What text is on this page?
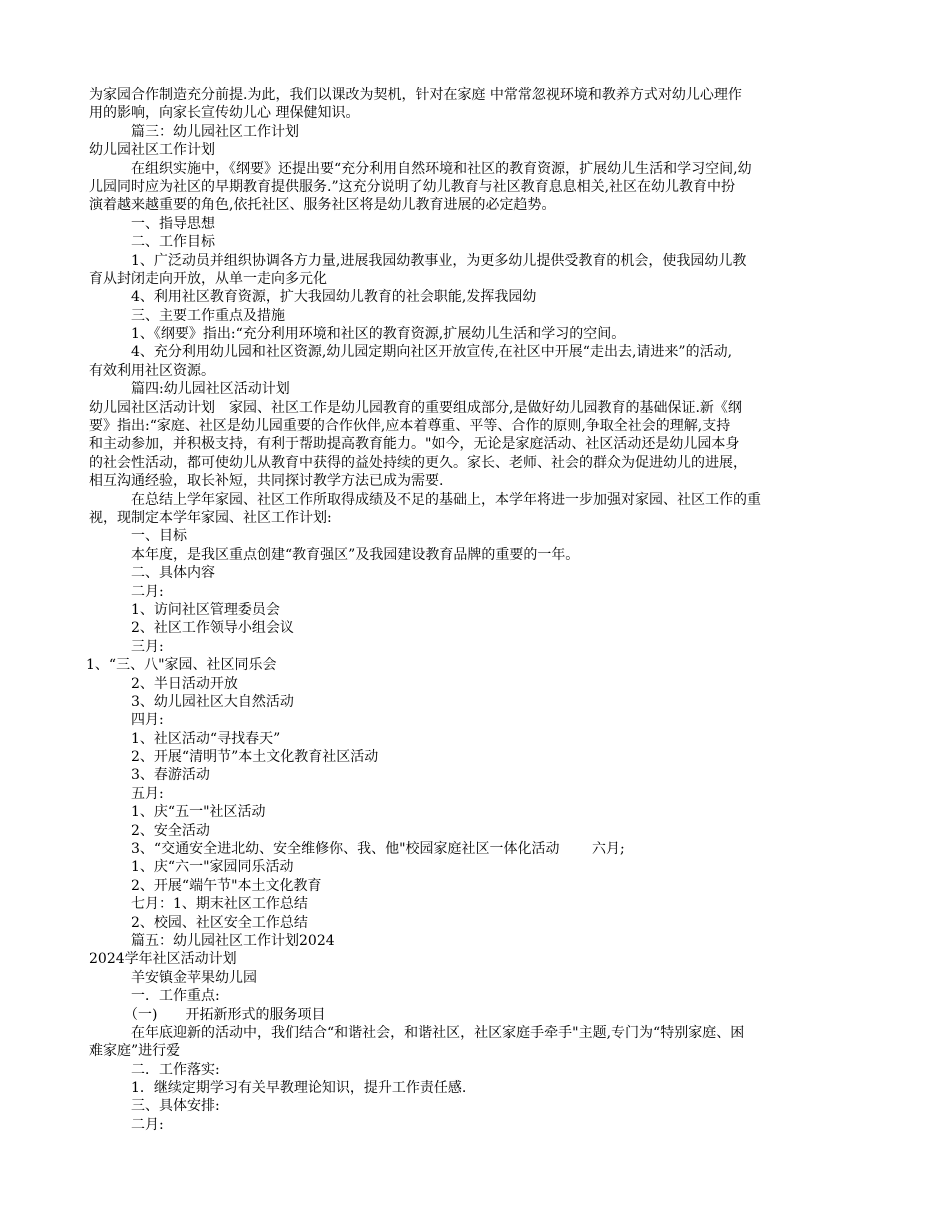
为家园合作制造充分前提.为此，我们以课改为契机，针对在家庭 中常常忽视环境和教养方式对幼儿心理作
用的影响，向家长宣传幼儿心 理保健知识。
　　　篇三：幼儿园社区工作计划
幼儿园社区工作计划
　　　在组织实施中，《纲要》还提出要“充分利用自然环境和社区的教育资源，扩展幼儿生活和学习空间,幼
儿园同时应为社区的早期教育提供服务.”这充分说明了幼儿教育与社区教育息息相关,社区在幼儿教育中扮
演着越来越重要的角色,依托社区、服务社区将是幼儿教育进展的必定趋势。
　　　一、指导思想
　　　二、工作目标
　　　1、广泛动员并组织协调各方力量,进展我园幼教事业，为更多幼儿提供受教育的机会，使我园幼儿教
育从封闭走向开放，从单一走向多元化
　　　4、利用社区教育资源，扩大我园幼儿教育的社会职能,发挥我园幼
　　　三、主要工作重点及措施
　　　1、《纲要》指出:“充分利用环境和社区的教育资源,扩展幼儿生活和学习的空间。
　　　4、充分利用幼儿园和社区资源,幼儿园定期向社区开放宣传,在社区中开展“走出去,请进来”的活动,
有效利用社区资源。
　　　篇四:幼儿园社区活动计划
幼儿园社区活动计划　家园、社区工作是幼儿园教育的重要组成部分,是做好幼儿园教育的基础保证.新《纲
要》指出:“家庭、社区是幼儿园重要的合作伙伴,应本着尊重、平等、合作的原则,争取全社会的理解,支持
和主动参加，并积极支持，有利于帮助提高教育能力。"如今，无论是家庭活动、社区活动还是幼儿园本身
的社会性活动，都可使幼儿从教育中获得的益处持续的更久。家长、老师、社会的群众为促进幼儿的进展，
相互沟通经验，取长补短，共同探讨教学方法已成为需要.
　　　在总结上学年家园、社区工作所取得成绩及不足的基础上，本学年将进一步加强对家园、社区工作的重
视，现制定本学年家园、社区工作计划:
　　　一、目标
　　　本年度，是我区重点创建“教育强区”及我园建设教育品牌的重要的一年。
　　　二、具体内容
　　　二月:
　　　1、访问社区管理委员会
　　　2、社区工作领导小组会议
　　　三月:
1、“三、八"家园、社区同乐会
　　　2、半日活动开放
　　　3、幼儿园社区大自然活动
　　　四月:
　　　1、社区活动“寻找春天”
　　　2、开展“清明节”本土文化教育社区活动
　　　3、春游活动
　　　五月:
　　　1、庆“五一"社区活动
　　　2、安全活动
　　　3、“交通安全进北幼、安全维修你、我、他"校园家庭社区一体化活动　　 六月;
　　　1、庆“六一"家园同乐活动
　　　2、开展“端午节"本土文化教育
　　　七月：1、期末社区工作总结
　　　2、校园、社区安全工作总结
　　　篇五：幼儿园社区工作计划2024
2024学年社区活动计划
　　　羊安镇金苹果幼儿园
　　　一．工作重点:
　　　（一)　　开拓新形式的服务项目
　　　在年底迎新的活动中，我们结合“和谐社会，和谐社区，社区家庭手牵手"主题,专门为“特别家庭、困
难家庭”进行爱
　　　二．工作落实:
　　　1．继续定期学习有关早教理论知识，提升工作责任感.
　　　三、具体安排:
　　　二月:
